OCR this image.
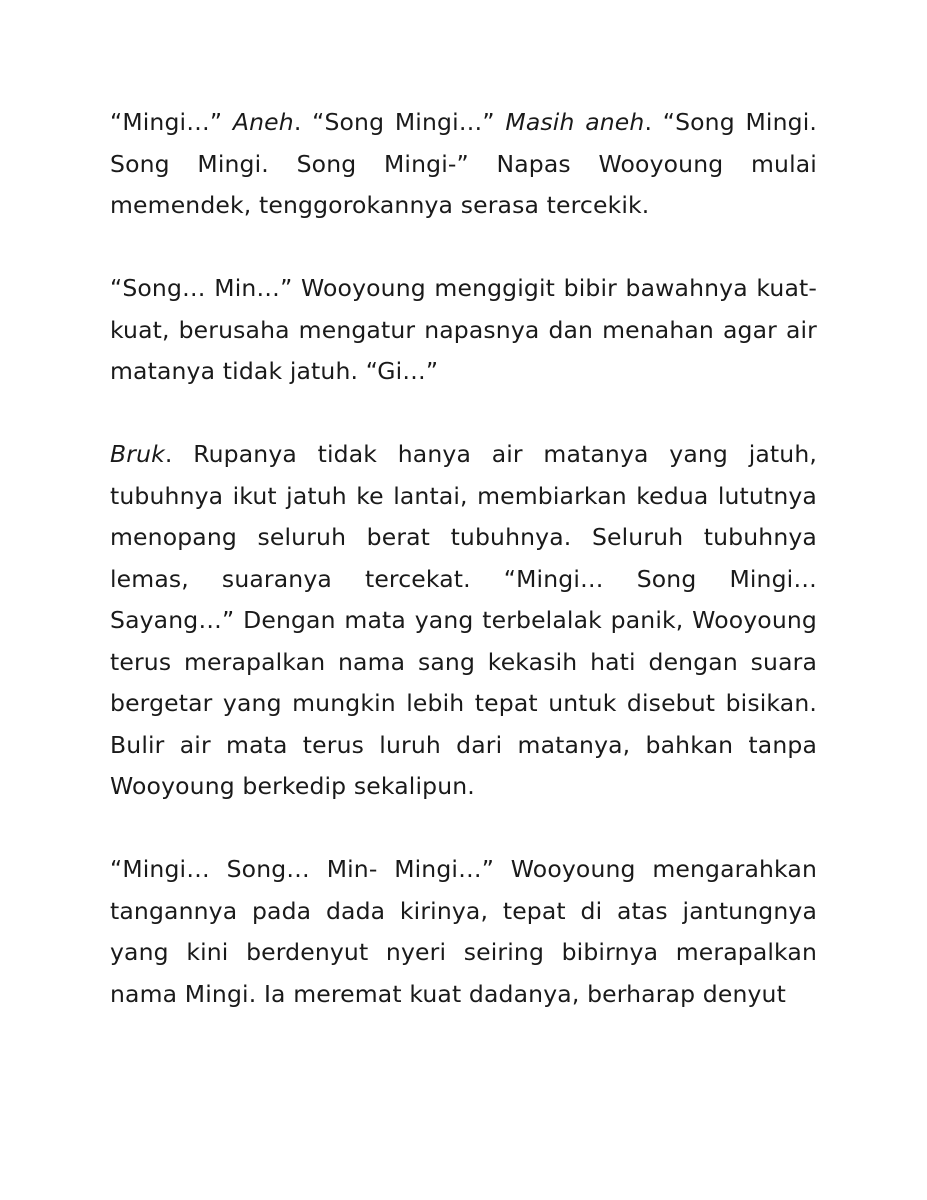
“Mingi…” Aneh. “Song Mingi…” Masih aneh. “Song Mingi. Song Mingi. Song Mingi-” Napas Wooyoung mulai memendek, tenggorokannya serasa tercekik.

“Song… Min…” Wooyoung menggigit bibir bawahnya kuat-kuat, berusaha mengatur napasnya dan menahan agar air matanya tidak jatuh. “Gi…”

Bruk. Rupanya tidak hanya air matanya yang jatuh, tubuhnya ikut jatuh ke lantai, membiarkan kedua lututnya menopang seluruh berat tubuhnya. Seluruh tubuhnya lemas, suaranya tercekat. “Mingi… Song Mingi… Sayang…” Dengan mata yang terbelalak panik, Wooyoung terus merapalkan nama sang kekasih hati dengan suara bergetar yang mungkin lebih tepat untuk disebut bisikan. Bulir air mata terus luruh dari matanya, bahkan tanpa Wooyoung berkedip sekalipun.

“Mingi… Song… Min- Mingi…” Wooyoung mengarahkan tangannya pada dada kirinya, tepat di atas jantungnya yang kini berdenyut nyeri seiring bibirnya merapalkan nama Mingi. Ia meremat kuat dadanya, berharap denyut
